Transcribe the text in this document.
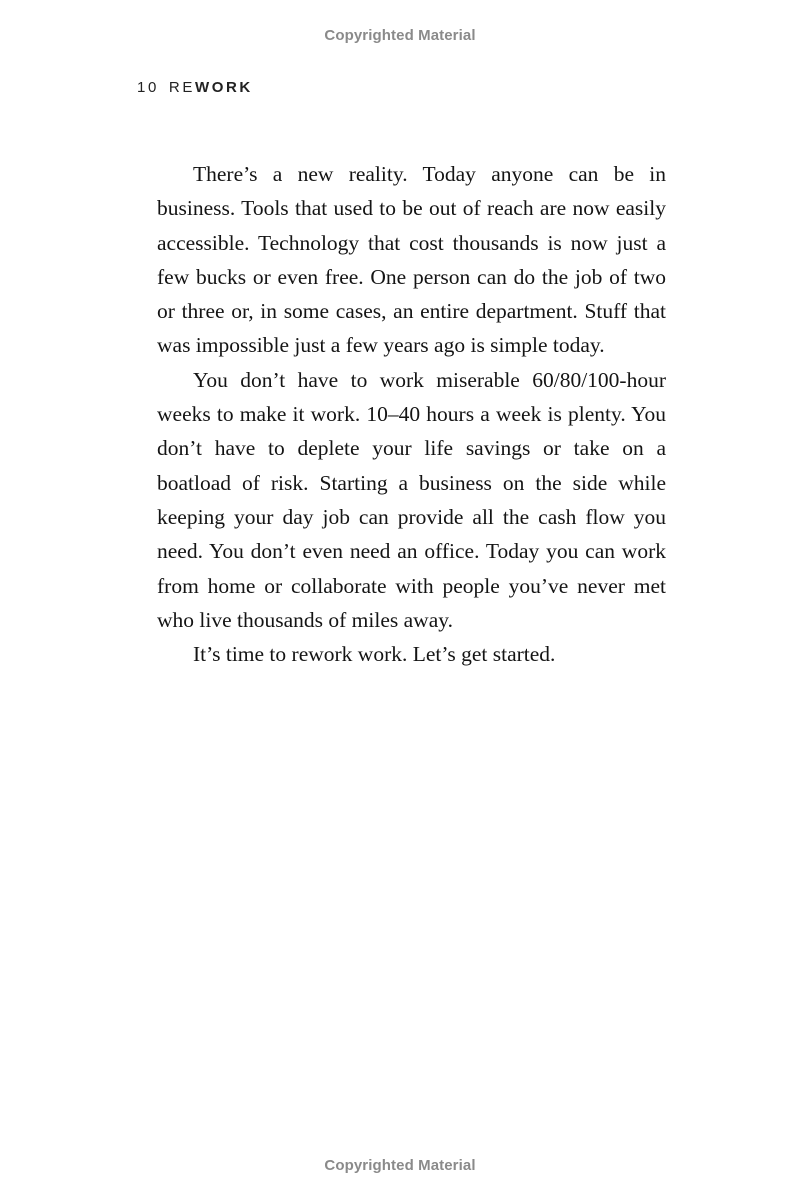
Copyrighted Material
10 REWORK

There’s a new reality. Today anyone can be in business. Tools that used to be out of reach are now easily accessible. Technology that cost thousands is now just a few bucks or even free. One person can do the job of two or three or, in some cases, an entire department. Stuff that was impossible just a few years ago is simple today.

You don’t have to work miserable 60/80/100-hour weeks to make it work. 10–40 hours a week is plenty. You don’t have to deplete your life savings or take on a boatload of risk. Starting a business on the side while keeping your day job can provide all the cash flow you need. You don’t even need an office. Today you can work from home or collaborate with people you’ve never met who live thousands of miles away.

It’s time to rework work. Let’s get started.

Copyrighted Material
